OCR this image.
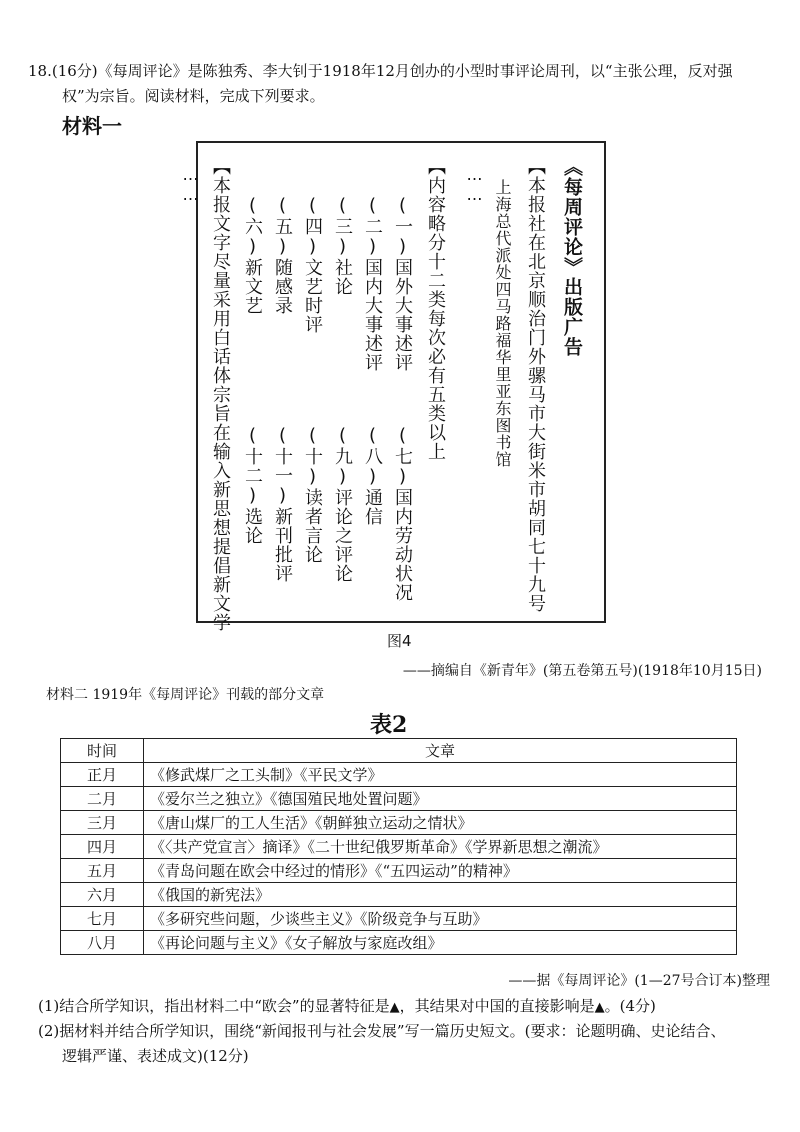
18.(16分)《每周评论》是陈独秀、李大钊于1918年12月创办的小型时事评论周刊，以“主张公理，反对强
权”为宗旨。阅读材料，完成下列要求。
材料一
《每周评论》出版广告
【本报社在北京顺治门外骡马市大街米市胡同七十九号
上海总代派处四马路福华里亚东图书馆
……
【内容略分十二类每次必有五类以上
(一)国外大事述评
(七)国内劳动状况
(二)国内大事述评
(八)通信
(三)社论
(九)评论之评论
(四)文艺时评
(十)读者言论
(五)随感录
(十一)新刊批评
(六)新文艺
(十二)选论
【本报文字尽量采用白话体宗旨在输入新思想提倡新文学
……
图4
——摘编自《新青年》(第五卷第五号)(1918年10月15日)
材料二 1919年《每周评论》刊载的部分文章
表2
时间	文章
正月	《修武煤厂之工头制》《平民文学》
二月	《爱尔兰之独立》《德国殖民地处置问题》
三月	《唐山煤厂的工人生活》《朝鲜独立运动之情状》
四月	《〈共产党宣言〉摘译》《二十世纪俄罗斯革命》《学界新思想之潮流》
五月	《青岛问题在欧会中经过的情形》《“五四运动”的精神》
六月	《俄国的新宪法》
七月	《多研究些问题，少谈些主义》《阶级竞争与互助》
八月	《再论问题与主义》《女子解放与家庭改组》
——据《每周评论》(1—27号合订本)整理
(1)结合所学知识，指出材料二中“欧会”的显著特征是▲，其结果对中国的直接影响是▲。(4分)
(2)据材料并结合所学知识，围绕“新闻报刊与社会发展”写一篇历史短文。(要求：论题明确、史论结合、
逻辑严谨、表述成文)(12分)
